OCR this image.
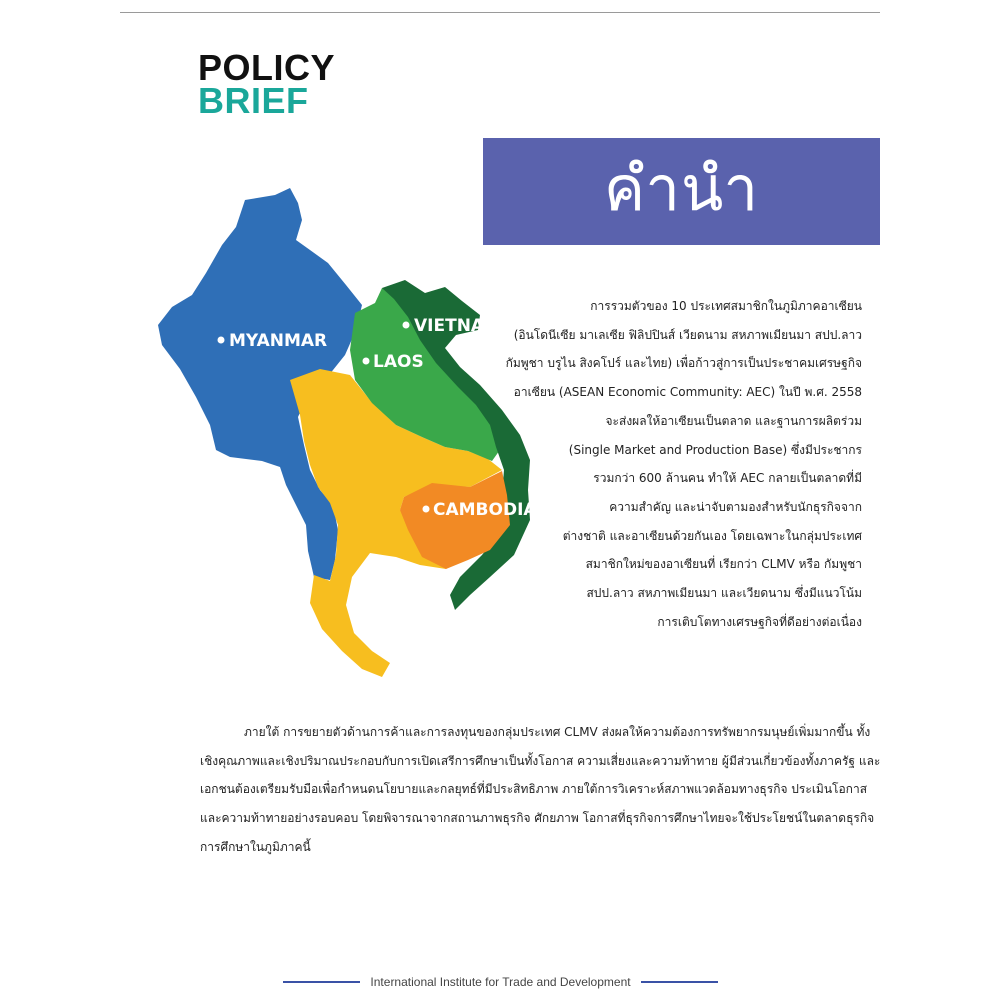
POLICY
BRIEF
คำนำ
MYANMAR
LAOS
VIETNAM
CAMBODIA
การรวมตัวของ 10 ประเทศสมาชิกในภูมิภาคอาเซียน
(อินโดนีเซีย มาเลเซีย ฟิลิปปินส์ เวียดนาม สหภาพเมียนมา สปป.ลาว
กัมพูชา บรูไน สิงคโปร์ และไทย) เพื่อก้าวสู่การเป็นประชาคมเศรษฐกิจ
อาเซียน (ASEAN Economic Community: AEC) ในปี พ.ศ. 2558
จะส่งผลให้อาเซียนเป็นตลาด และฐานการผลิตร่วม
(Single Market and Production Base) ซึ่งมีประชากร
รวมกว่า 600 ล้านคน ทำให้ AEC กลายเป็นตลาดที่มี
ความสำคัญ และน่าจับตามองสำหรับนักธุรกิจจาก
ต่างชาติ และอาเซียนด้วยกันเอง โดยเฉพาะในกลุ่มประเทศ
สมาชิกใหม่ของอาเซียนที่ เรียกว่า CLMV หรือ กัมพูชา
สปป.ลาว สหภาพเมียนมา และเวียดนาม ซึ่งมีแนวโน้ม
การเติบโตทางเศรษฐกิจที่ดีอย่างต่อเนื่อง
ภายใต้ การขยายตัวด้านการค้าและการลงทุนของกลุ่มประเทศ CLMV ส่งผลให้ความต้องการทรัพยากรมนุษย์เพิ่มมากขึ้น ทั้ง
เชิงคุณภาพและเชิงปริมาณประกอบกับการเปิดเสรีการศึกษาเป็นทั้งโอกาส ความเสี่ยงและความท้าทาย ผู้มีส่วนเกี่ยวข้องทั้งภาครัฐ และ
เอกชนต้องเตรียมรับมือเพื่อกำหนดนโยบายและกลยุทธ์ที่มีประสิทธิภาพ ภายใต้การวิเคราะห์สภาพแวดล้อมทางธุรกิจ ประเมินโอกาส
และความท้าทายอย่างรอบคอบ โดยพิจารณาจากสถานภาพธุรกิจ ศักยภาพ โอกาสที่ธุรกิจการศึกษาไทยจะใช้ประโยชน์ในตลาดธุรกิจ
การศึกษาในภูมิภาคนี้
International Institute for Trade and Development
